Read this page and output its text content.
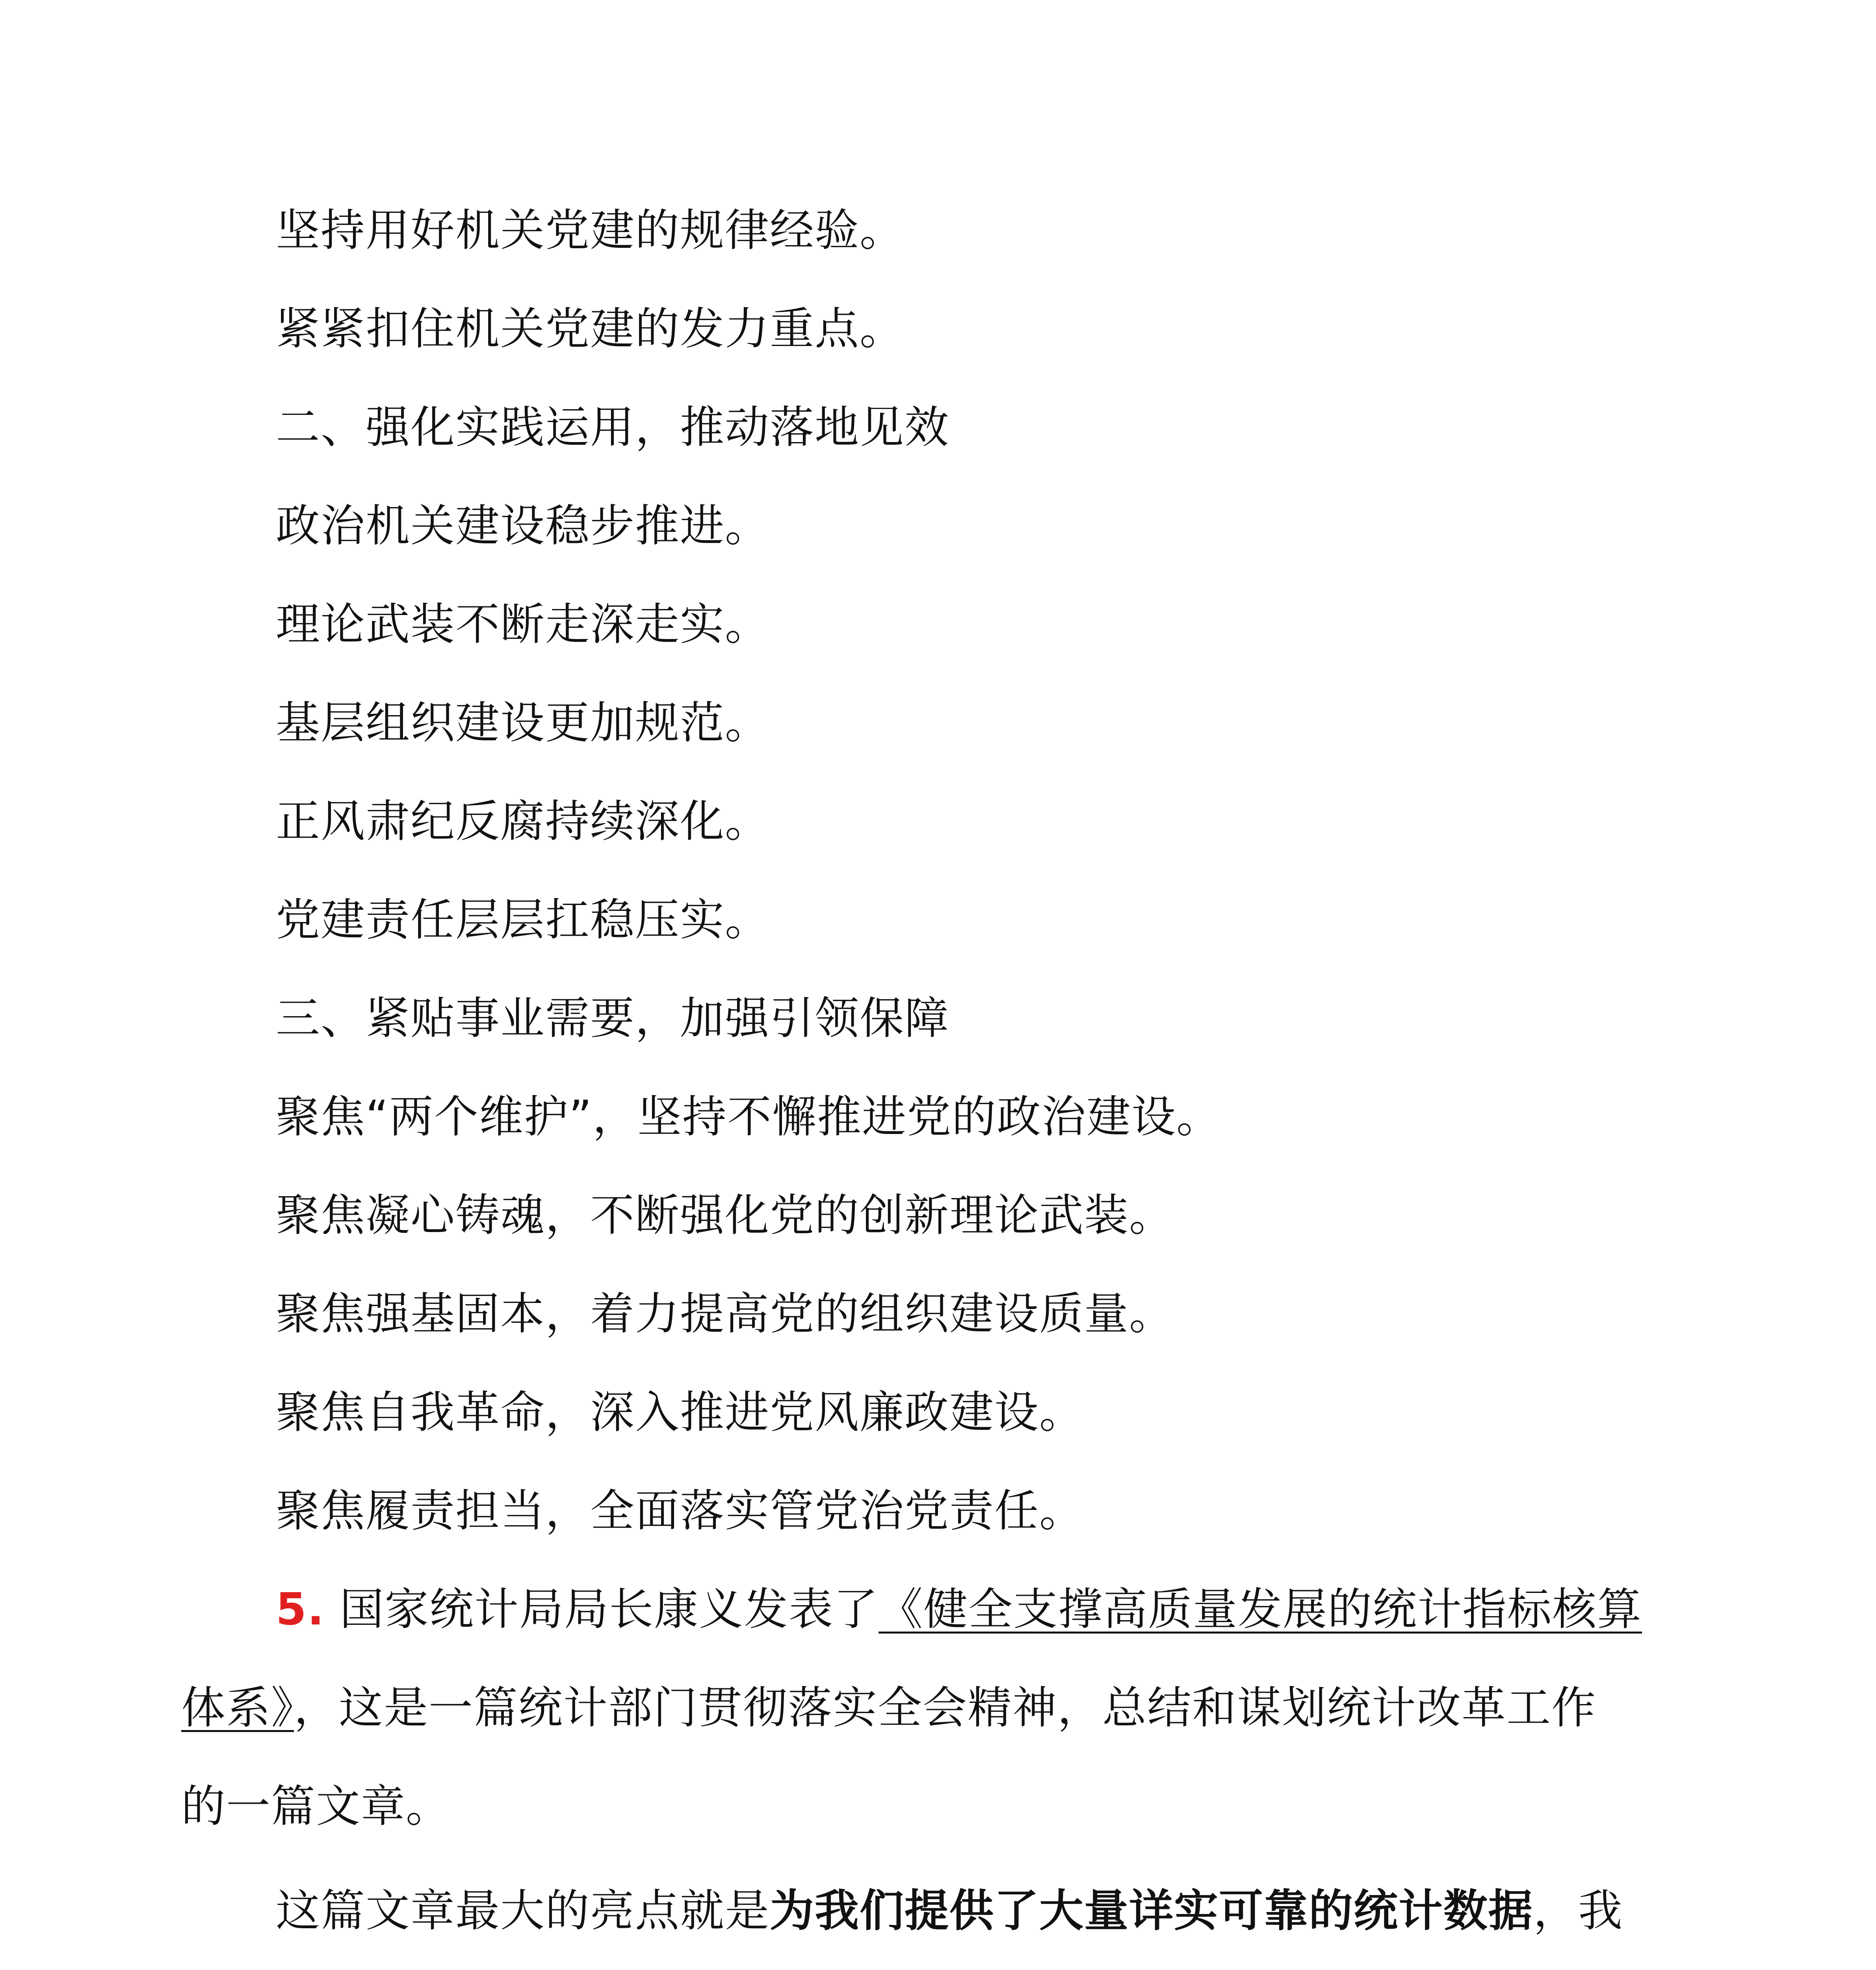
坚持用好机关党建的规律经验。
紧紧扣住机关党建的发力重点。
二、强化实践运用，推动落地见效
政治机关建设稳步推进。
理论武装不断走深走实。
基层组织建设更加规范。
正风肃纪反腐持续深化。
党建责任层层扛稳压实。
三、紧贴事业需要，加强引领保障
聚焦“两个维护”，坚持不懈推进党的政治建设。
聚焦凝心铸魂，不断强化党的创新理论武装。
聚焦强基固本，着力提高党的组织建设质量。
聚焦自我革命，深入推进党风廉政建设。
聚焦履责担当，全面落实管党治党责任。
5. 国家统计局局长康义发表了《健全支撑高质量发展的统计指标核算
体系》，这是一篇统计部门贯彻落实全会精神，总结和谋划统计改革工作
的一篇文章。
这篇文章最大的亮点就是为我们提供了大量详实可靠的统计数据，我
